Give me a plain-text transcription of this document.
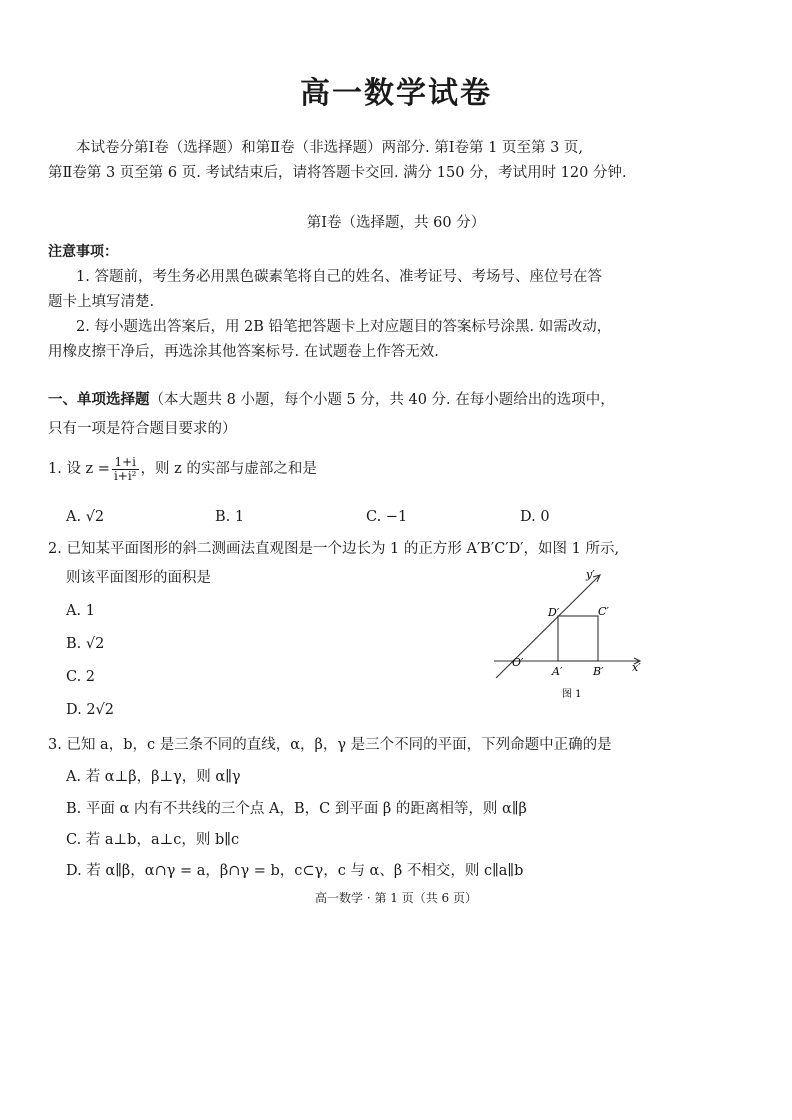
高一数学试卷
本试卷分第Ⅰ卷（选择题）和第Ⅱ卷（非选择题）两部分. 第Ⅰ卷第 1 页至第 3 页,
第Ⅱ卷第 3 页至第 6 页. 考试结束后，请将答题卡交回. 满分 150 分，考试用时 120 分钟.
第Ⅰ卷（选择题，共 60 分）
注意事项：
1. 答题前，考生务必用黑色碳素笔将自己的姓名、准考证号、考场号、座位号在答
题卡上填写清楚.
2. 每小题选出答案后，用 2B 铅笔把答题卡上对应题目的答案标号涂黑. 如需改动，
用橡皮擦干净后，再选涂其他答案标号. 在试题卷上作答无效.
一、单项选择题（本大题共 8 小题，每个小题 5 分，共 40 分. 在每小题给出的选项中，
只有一项是符合题目要求的）
1. 设 $z = \frac{1+i}{\text{i+i²}}$ ，则 z 的实部与虚部之和是
A. √2	B. 1	C. −1	D. 0
2. 已知某平面图形的斜二测画法直观图是一个边长为 1 的正方形 A′B′C′D′，如图 1 所示,
则该平面图形的面积是
A. 1
B. √2
C. 2
D. 2√2
y′
x′
O′
A′	B′
C′
D′
图 1
3. 已知 a，b，c 是三条不同的直线，α，β，γ 是三个不同的平面，下列命题中正确的是
A. 若 α⊥β，β⊥γ，则 α∥γ
B. 平面 α 内有不共线的三个点 A，B，C 到平面 β 的距离相等，则 α∥β
C. 若 a⊥b，a⊥c，则 b∥c
D. 若 α∥β，α∩γ = a，β∩γ = b，c⊂γ，c 与 α、β 不相交，则 c∥a∥b
高一数学 · 第 1 页（共 6 页）
